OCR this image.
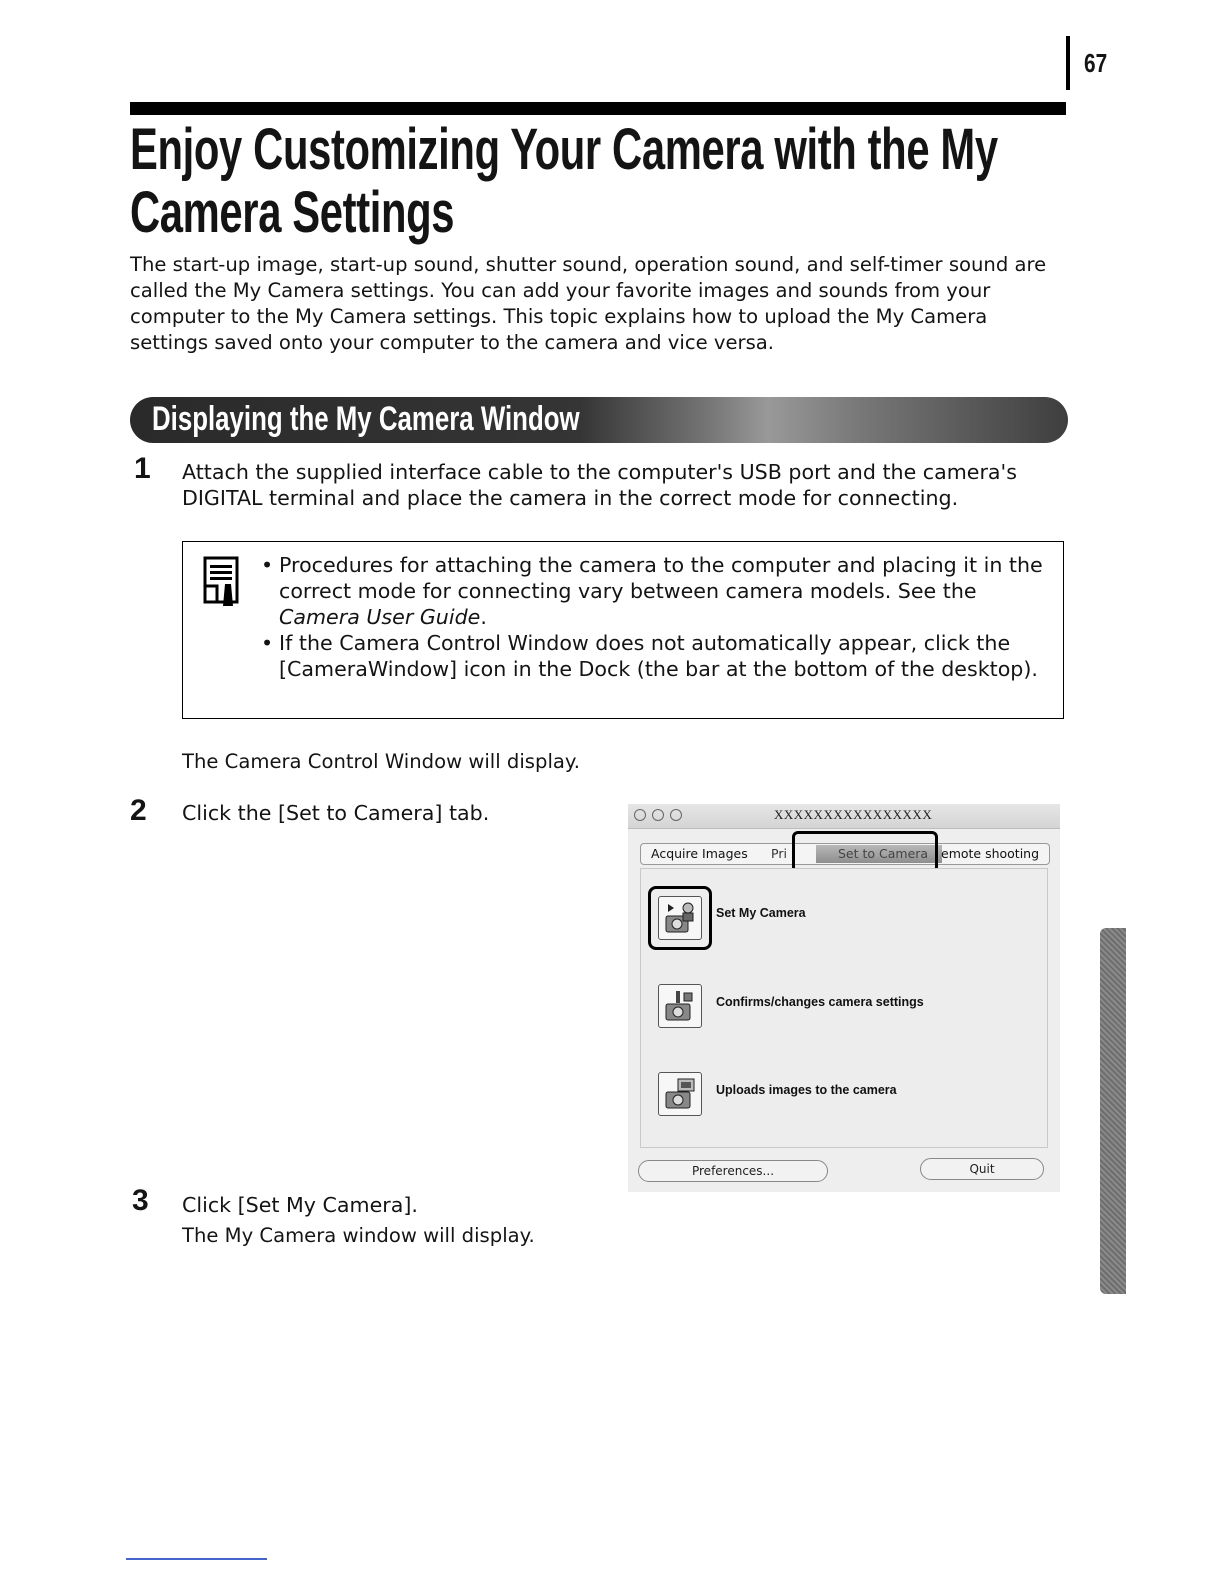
67
Enjoy Customizing Your Camera with the My
Camera Settings

The start-up image, start-up sound, shutter sound, operation sound, and self-timer sound are called the My Camera settings. You can add your favorite images and sounds from your computer to the My Camera settings. This topic explains how to upload the My Camera settings saved onto your computer to the camera and vice versa.

Displaying the My Camera Window
1 Attach the supplied interface cable to the computer's USB port and the camera's DIGITAL terminal and place the camera in the correct mode for connecting.

• Procedures for attaching the camera to the computer and placing it in the correct mode for connecting vary between camera models. See the Camera User Guide.
• If the Camera Control Window does not automatically appear, click the [CameraWindow] icon in the Dock (the bar at the bottom of the desktop).

The Camera Control Window will display.

2 Click the [Set to Camera] tab.

3 Click [Set My Camera].

The My Camera window will display.

XXXXXXXXXXXXXXXX
Acquire Images Pri	Set to Camera emote shooting
Set My Camera
Confirms/changes camera settings
Uploads images to the camera
Preferences...	Quit
